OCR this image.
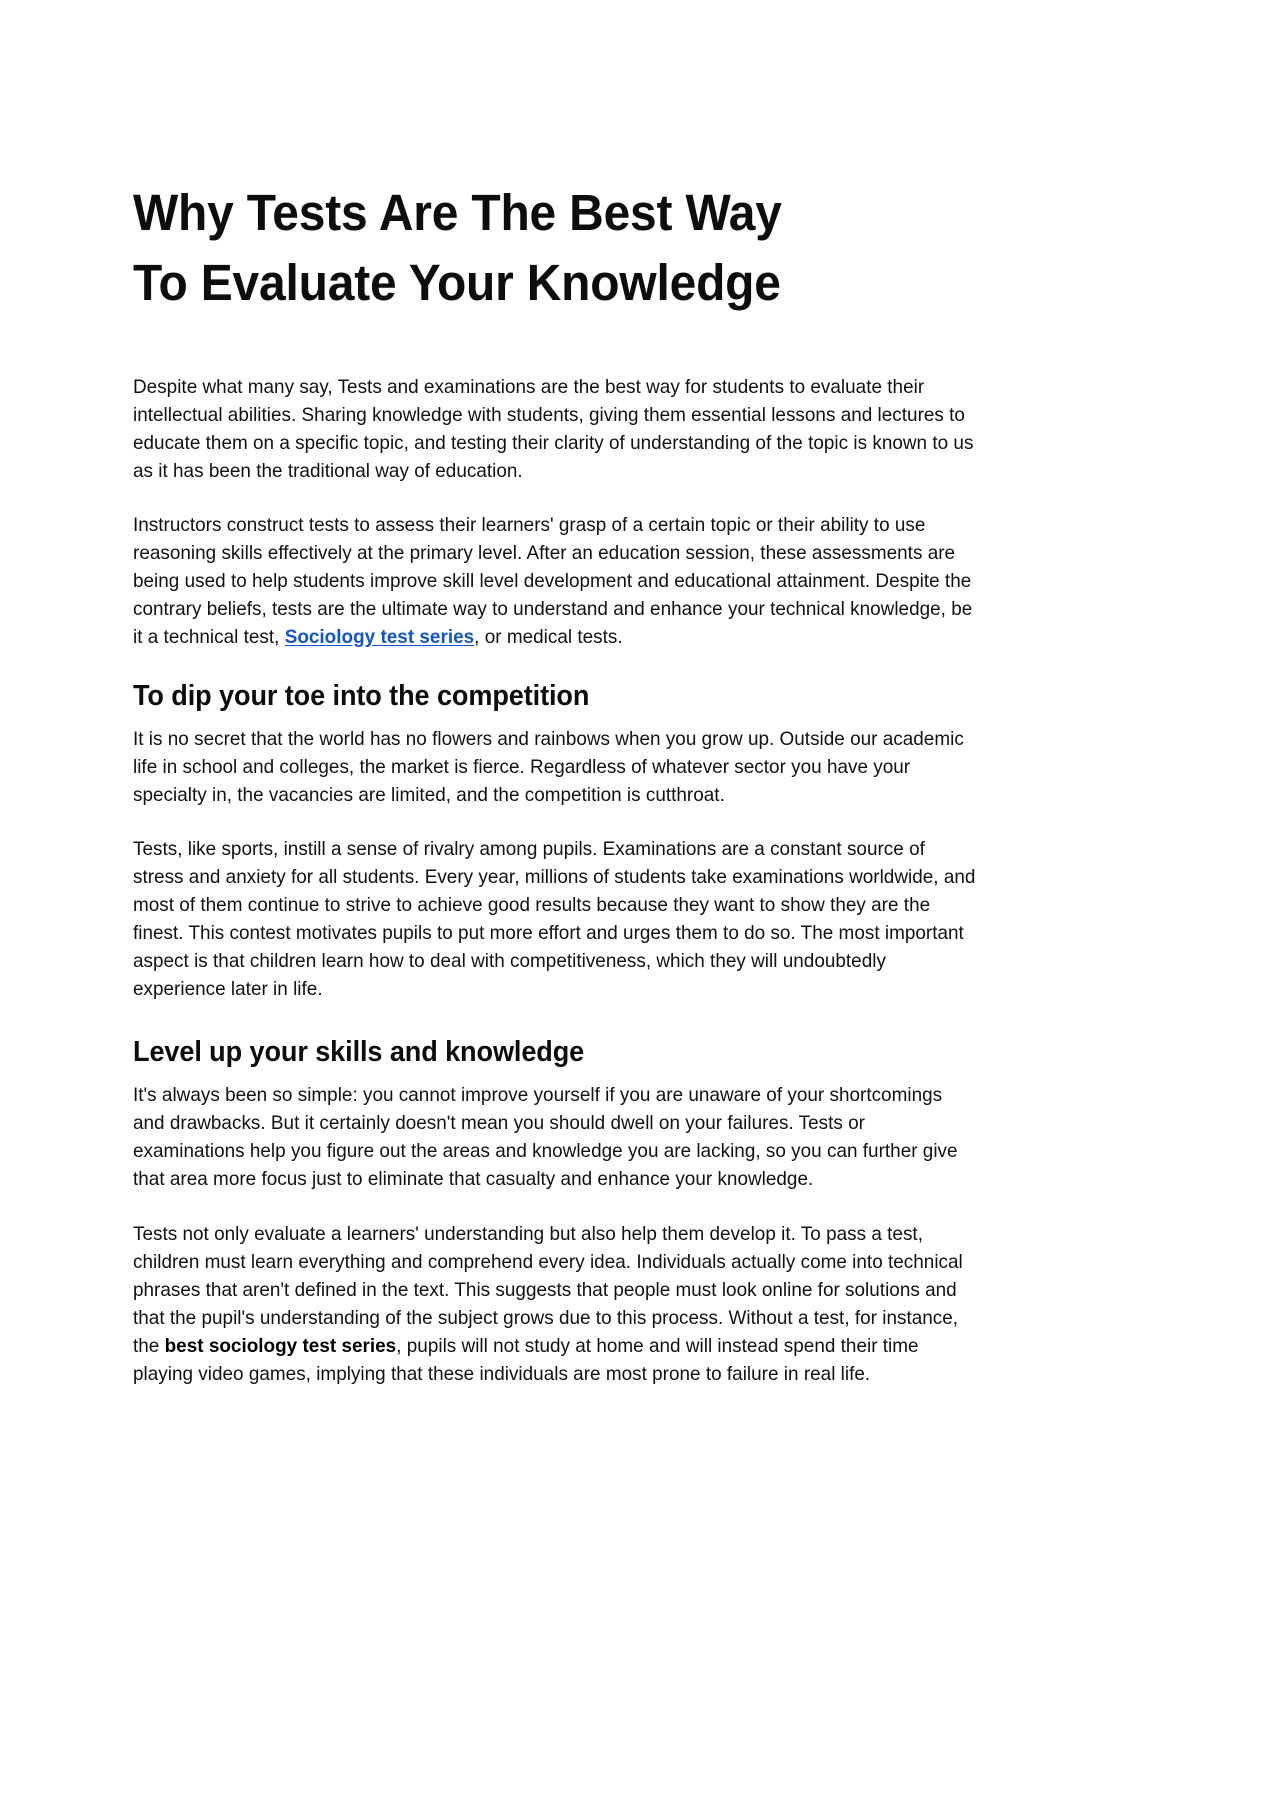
Why Tests Are The Best Way
To Evaluate Your Knowledge

Despite what many say, Tests and examinations are the best way for students to evaluate their intellectual abilities. Sharing knowledge with students, giving them essential lessons and lectures to educate them on a specific topic, and testing their clarity of understanding of the topic is known to us as it has been the traditional way of education.

Instructors construct tests to assess their learners' grasp of a certain topic or their ability to use reasoning skills effectively at the primary level. After an education session, these assessments are being used to help students improve skill level development and educational attainment. Despite the contrary beliefs, tests are the ultimate way to understand and enhance your technical knowledge, be it a technical test, Sociology test series, or medical tests.

To dip your toe into the competition

It is no secret that the world has no flowers and rainbows when you grow up. Outside our academic life in school and colleges, the market is fierce. Regardless of whatever sector you have your specialty in, the vacancies are limited, and the competition is cutthroat.

Tests, like sports, instill a sense of rivalry among pupils. Examinations are a constant source of stress and anxiety for all students. Every year, millions of students take examinations worldwide, and most of them continue to strive to achieve good results because they want to show they are the finest. This contest motivates pupils to put more effort and urges them to do so. The most important aspect is that children learn how to deal with competitiveness, which they will undoubtedly experience later in life.

Level up your skills and knowledge

It's always been so simple: you cannot improve yourself if you are unaware of your shortcomings and drawbacks. But it certainly doesn't mean you should dwell on your failures. Tests or examinations help you figure out the areas and knowledge you are lacking, so you can further give that area more focus just to eliminate that casualty and enhance your knowledge.

Tests not only evaluate a learners' understanding but also help them develop it. To pass a test, children must learn everything and comprehend every idea. Individuals actually come into technical phrases that aren't defined in the text. This suggests that people must look online for solutions and that the pupil's understanding of the subject grows due to this process. Without a test, for instance, the best sociology test series, pupils will not study at home and will instead spend their time playing video games, implying that these individuals are most prone to failure in real life.
